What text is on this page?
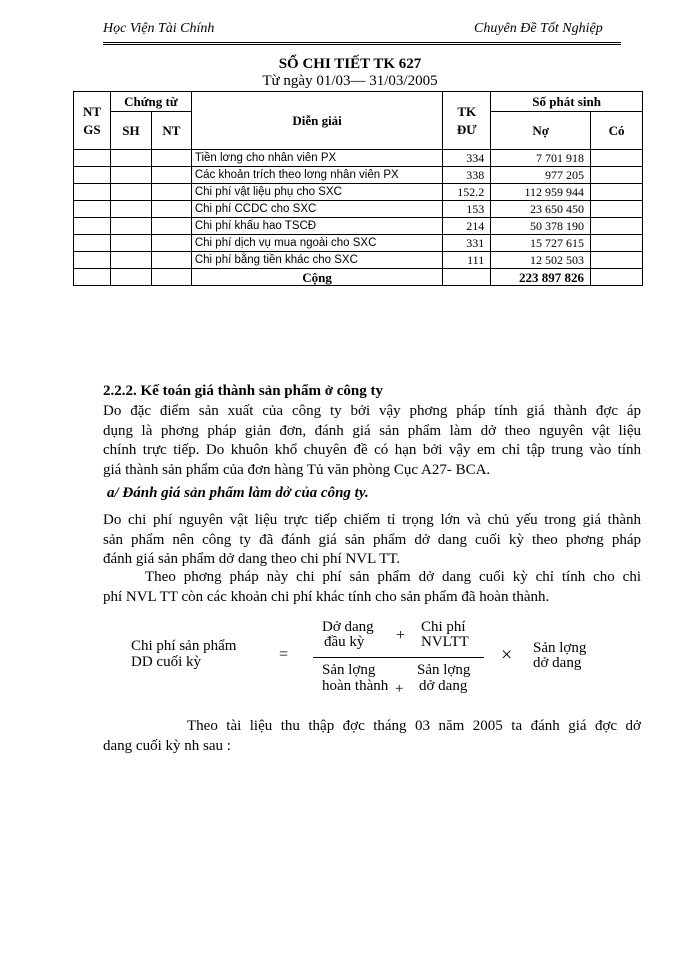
Học Viện Tài Chính	Chuyên Đề Tốt Nghiệp
SỔ CHI TIẾT TK 627
Từ ngày 01/03— 31/03/2005
NT GS	Chứng từ		Diễn giải	TK ĐƯ	Số phát sinh	
	SH	NT			Nợ	Có
			Tiền lơng cho nhân viên PX	334	7 701 918	
			Các khoản trích theo lơng nhân viên PX	338	977 205	
			Chi phí vật liệu phụ cho SXC	152.2	112 959 944	
			Chi phí CCDC cho SXC	153	23 650 450	
			Chi phí khấu hao TSCĐ	214	50 378 190	
			Chi phí dịch vụ mua ngoài cho SXC	331	15 727 615	
			Chi phí bằng tiền khác cho SXC	111	12 502 503	
			Cộng		223 897 826	
2.2.2. Kế toán giá thành sản phẩm ở công ty
Do đặc điểm sản xuất của công ty bởi vậy phơng pháp tính giá thành đợc áp
dụng là phơng pháp giản đơn, đánh giá sản phẩm làm dở theo nguyên vật liệu
chính trực tiếp. Do khuôn khổ chuyên đề có hạn bởi vậy em chỉ tập trung vào tính
giá thành sản phẩm của đơn hàng Tủ văn phòng Cục A27- BCA.
a/ Đánh giá sản phẩm làm dở của công ty.
Do chi phí nguyên vật liệu trực tiếp chiếm tỉ trọng lớn và chủ yếu trong giá thành
sản phẩm nên công ty đã đánh giá sản phẩm dở dang cuối kỳ theo phơng pháp
đánh giá sản phẩm dở dang theo chi phí NVL TT.
Theo phơng pháp này chi phí sản phẩm dở dang cuối kỳ chỉ tính cho chi
phí NVL TT còn các khoản chi phí khác tính cho sản phẩm đã hoàn thành.
Chi phí sản phẩm
DD cuối kỳ	=
Dở dang
đầu kỳ + Chi phí
NVLTT
Sản lợng
hoàn thành +
Sản lợng
dở dang
× Sản lợng
dở dang
Theo tài liệu thu thập đợc tháng 03 năm 2005 ta đánh giá đợc dở
dang cuối kỳ nh sau :
